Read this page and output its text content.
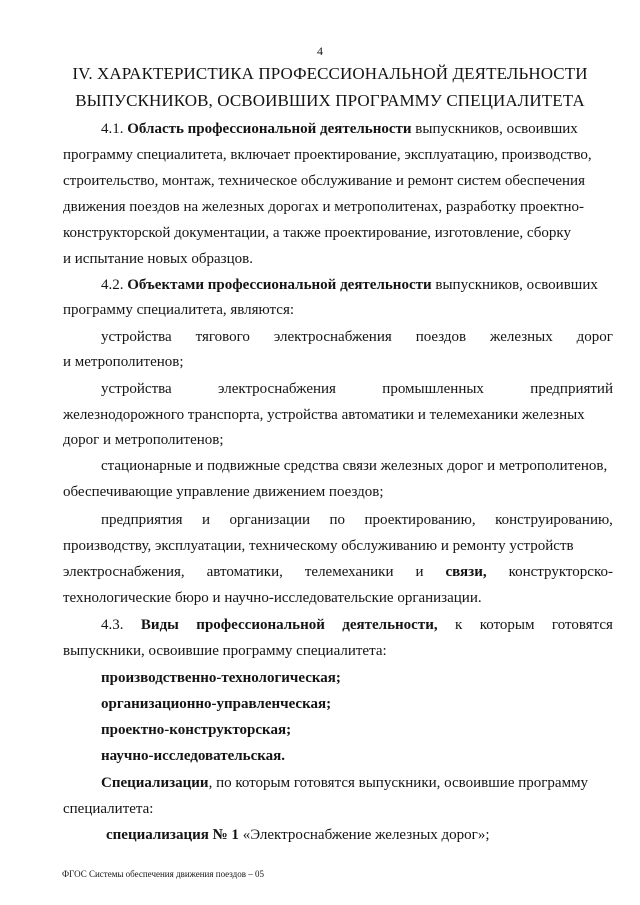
4
IV. ХАРАКТЕРИСТИКА ПРОФЕССИОНАЛЬНОЙ ДЕЯТЕЛЬНОСТИ
ВЫПУСКНИКОВ, ОСВОИВШИХ ПРОГРАММУ СПЕЦИАЛИТЕТА
4.1. Область профессиональной деятельности выпускников, освоивших
программу специалитета, включает проектирование, эксплуатацию, производство,
строительство, монтаж, техническое обслуживание и ремонт систем обеспечения
движения поездов на железных дорогах и метрополитенах, разработку проектно-
конструкторской документации, а также проектирование, изготовление, сборку
и испытание новых образцов.
4.2. Объектами профессиональной деятельности выпускников, освоивших
программу специалитета, являются:
устройства тягового электроснабжения поездов железных дорог
и метрополитенов;
устройства	электроснабжения	промышленных	предприятий
железнодорожного транспорта, устройства автоматики и телемеханики железных
дорог и метрополитенов;
стационарные и подвижные средства связи железных дорог и метрополитенов,
обеспечивающие управление движением поездов;
предприятия и организации по проектированию, конструированию,
производству, эксплуатации, техническому обслуживанию и ремонту устройств
электроснабжения, автоматики, телемеханики и связи, конструкторско-
технологические бюро и научно-исследовательские организации.
4.3. Виды профессиональной деятельности, к которым готовятся
выпускники, освоившие программу специалитета:
производственно-технологическая;
организационно-управленческая;
проектно-конструкторская;
научно-исследовательская.
Специализации, по которым готовятся выпускники, освоившие программу
специалитета:
специализация № 1 «Электроснабжение железных дорог»;
ФГОС Системы обеспечения движения поездов – 05
